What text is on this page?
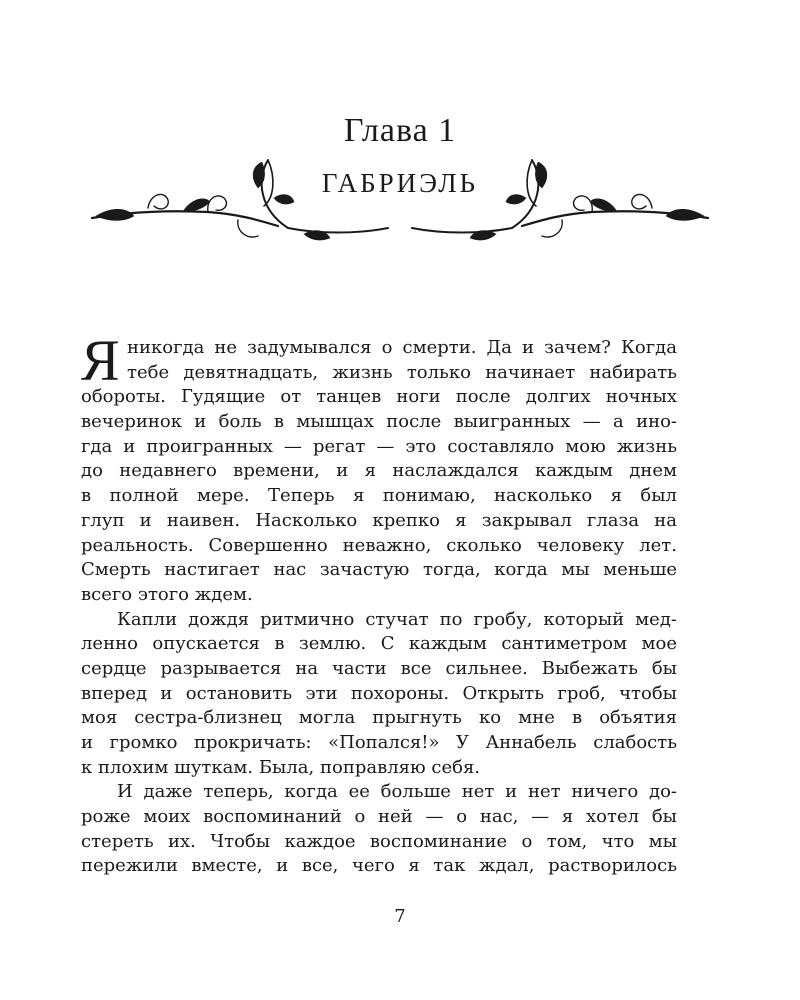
Глава 1
ГАБРИЭЛЬ
Я никогда не задумывался о смерти. Да и зачем? Когда
тебе девятнадцать, жизнь только начинает набирать
обороты. Гудящие от танцев ноги после долгих ночных
вечеринок и боль в мышцах после выигранных — а ино-
гда и проигранных — регат — это составляло мою жизнь
до недавнего времени, и я наслаждался каждым днем
в полной мере. Теперь я понимаю, насколько я был
глуп и наивен. Насколько крепко я закрывал глаза на
реальность. Совершенно неважно, сколько человеку лет.
Смерть настигает нас зачастую тогда, когда мы меньше
всего этого ждем.
Капли дождя ритмично стучат по гробу, который мед-
ленно опускается в землю. С каждым сантиметром мое
сердце разрывается на части все сильнее. Выбежать бы
вперед и остановить эти похороны. Открыть гроб, чтобы
моя сестра-близнец могла прыгнуть ко мне в объятия
и громко прокричать: «Попался!» У Аннабель слабость
к плохим шуткам. Была, поправляю себя.
И даже теперь, когда ее больше нет и нет ничего до-
роже моих воспоминаний о ней — о нас, — я хотел бы
стереть их. Чтобы каждое воспоминание о том, что мы
пережили вместе, и все, чего я так ждал, растворилось
7
